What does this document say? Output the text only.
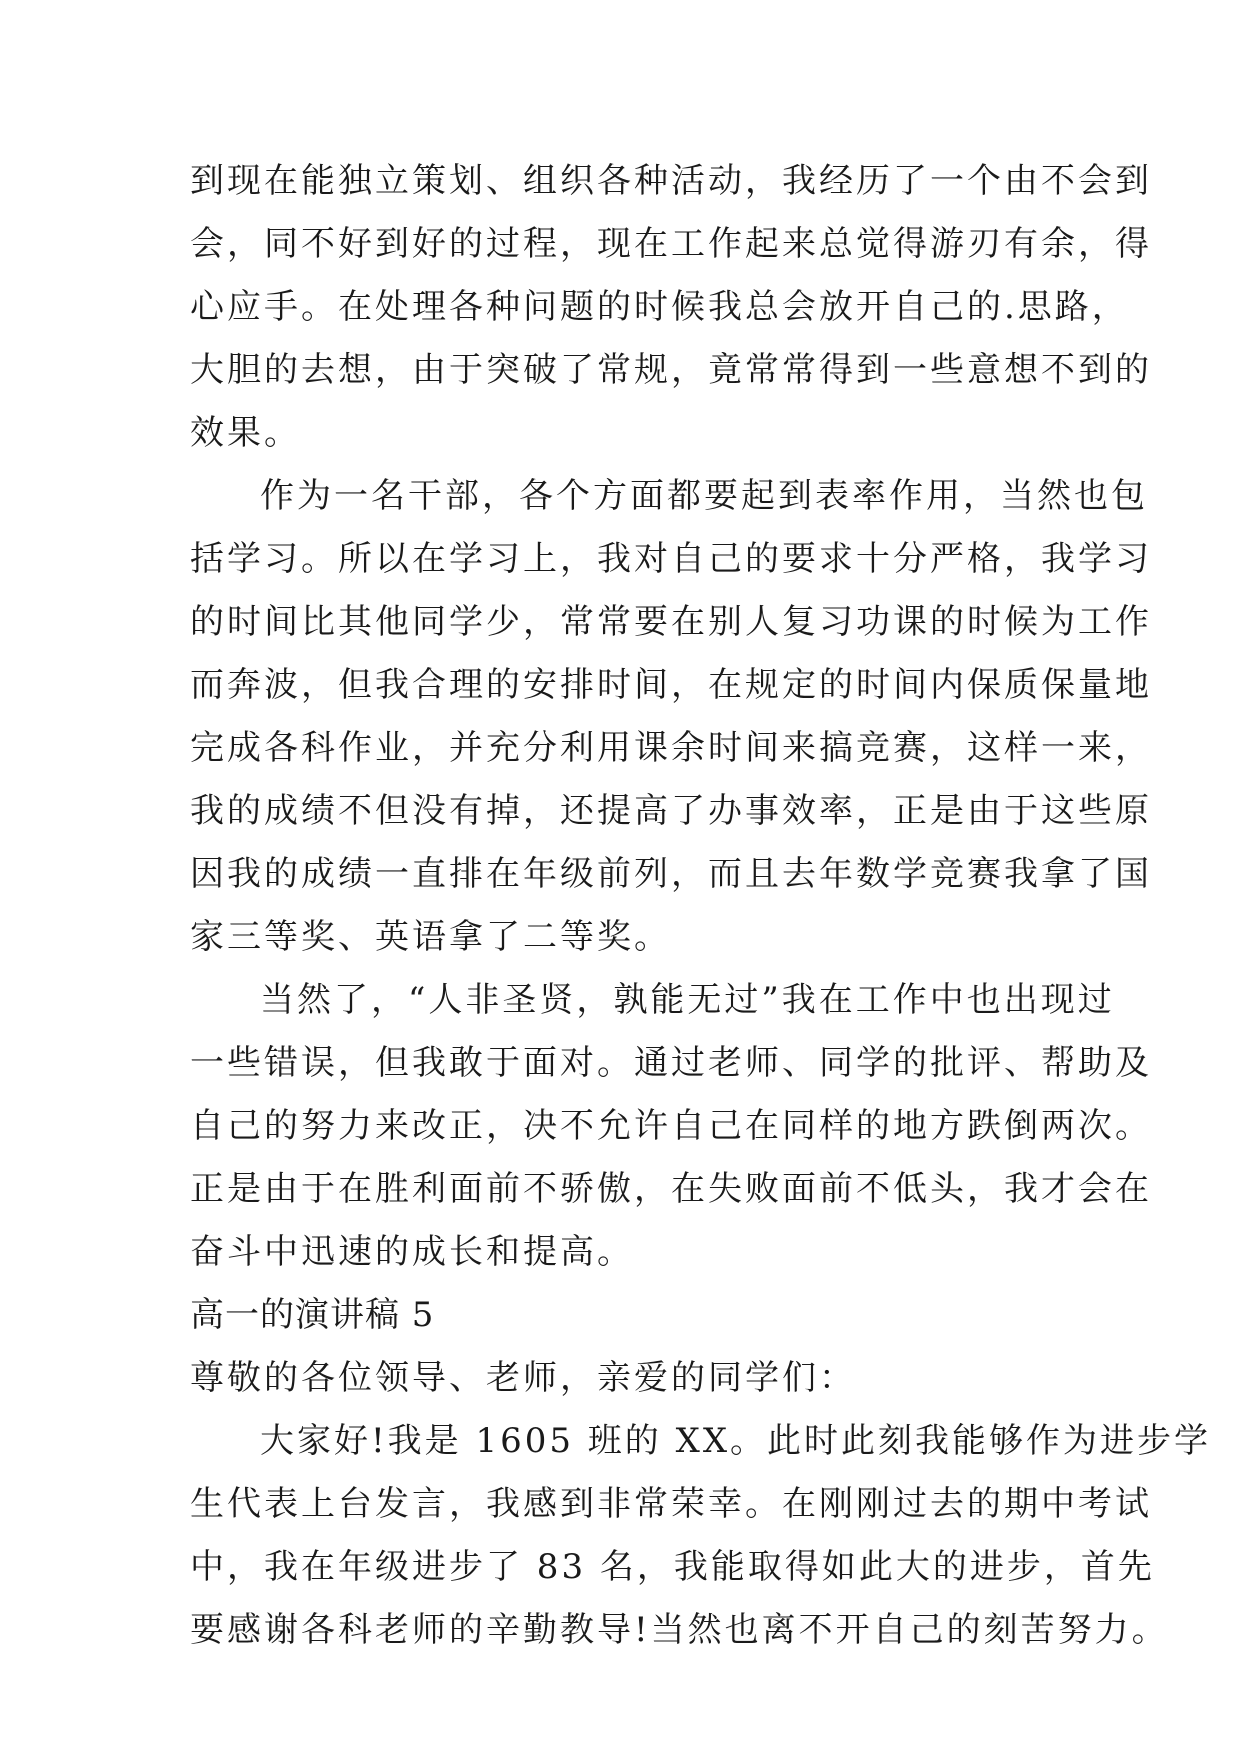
到现在能独立策划、组织各种活动，我经历了一个由不会到
会，同不好到好的过程，现在工作起来总觉得游刃有余，得
心应手。在处理各种问题的时候我总会放开自己的.思路，
大胆的去想，由于突破了常规，竟常常得到一些意想不到的
效果。
作为一名干部，各个方面都要起到表率作用，当然也包
括学习。所以在学习上，我对自己的要求十分严格，我学习
的时间比其他同学少，常常要在别人复习功课的时候为工作
而奔波，但我合理的安排时间，在规定的时间内保质保量地
完成各科作业，并充分利用课余时间来搞竞赛，这样一来，
我的成绩不但没有掉，还提高了办事效率，正是由于这些原
因我的成绩一直排在年级前列，而且去年数学竞赛我拿了国
家三等奖、英语拿了二等奖。
当然了，“人非圣贤，孰能无过”我在工作中也出现过
一些错误，但我敢于面对。通过老师、同学的批评、帮助及
自己的努力来改正，决不允许自己在同样的地方跌倒两次。
正是由于在胜利面前不骄傲，在失败面前不低头，我才会在
奋斗中迅速的成长和提高。
高一的演讲稿 5
尊敬的各位领导、老师，亲爱的同学们：
大家好!我是 1605 班的 XX。此时此刻我能够作为进步学
生代表上台发言，我感到非常荣幸。在刚刚过去的期中考试
中，我在年级进步了 83 名，我能取得如此大的进步，首先
要感谢各科老师的辛勤教导!当然也离不开自己的刻苦努力。
